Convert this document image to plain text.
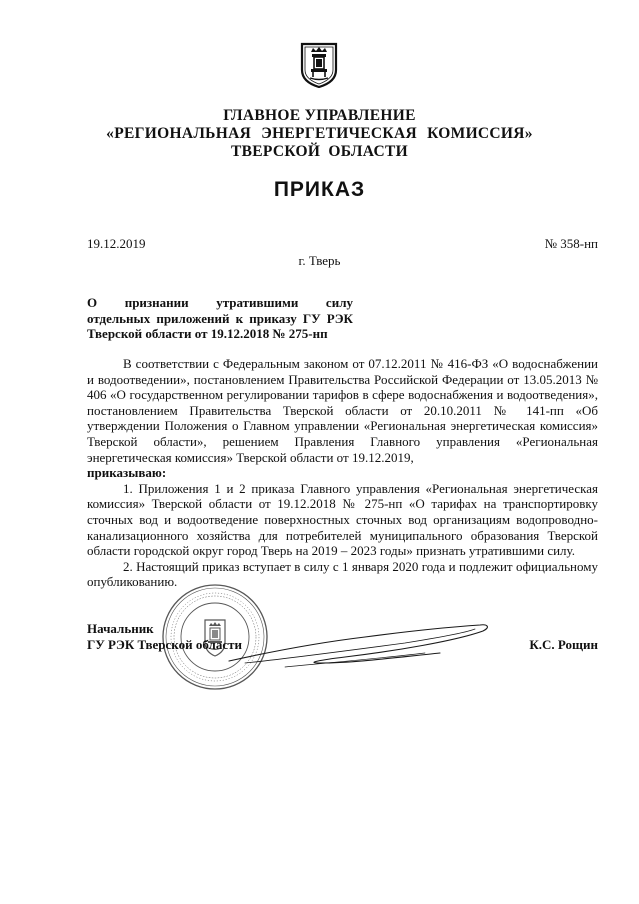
ГЛАВНОЕ УПРАВЛЕНИЕ
«РЕГИОНАЛЬНАЯ ЭНЕРГЕТИЧЕСКАЯ КОМИССИЯ»
ТВЕРСКОЙ ОБЛАСТИ
ПРИКАЗ
19.12.2019	№ 358-нп
г. Тверь
О признании утратившими силу
отдельных приложений к приказу ГУ РЭК
Тверской области от 19.12.2018 № 275-нп

В соответствии с Федеральным законом от 07.12.2011 № 416-ФЗ «О водоснабжении и водоотведении», постановлением Правительства Российской Федерации от 13.05.2013 № 406 «О государственном регулировании тарифов в сфере водоснабжения и водоотведения», постановлением Правительства Тверской области от 20.10.2011 № 141-пп «Об утверждении Положения о Главном управлении «Региональная энергетическая комиссия» Тверской области», решением Правления Главного управления «Региональная энергетическая комиссия» Тверской области от 19.12.2019,

приказываю:

1. Приложения 1 и 2 приказа Главного управления «Региональная энергетическая комиссия» Тверской области от 19.12.2018 № 275-нп «О тарифах на транспортировку сточных вод и водоотведение поверхностных сточных вод организациям водопроводно-канализационного хозяйства для потребителей муниципального образования Тверской области городской округ город Тверь на 2019 – 2023 годы» признать утратившими силу.

2. Настоящий приказ вступает в силу с 1 января 2020 года и подлежит официальному опубликованию.

Начальник
ГУ РЭК Тверской области	К.С. Рощин
